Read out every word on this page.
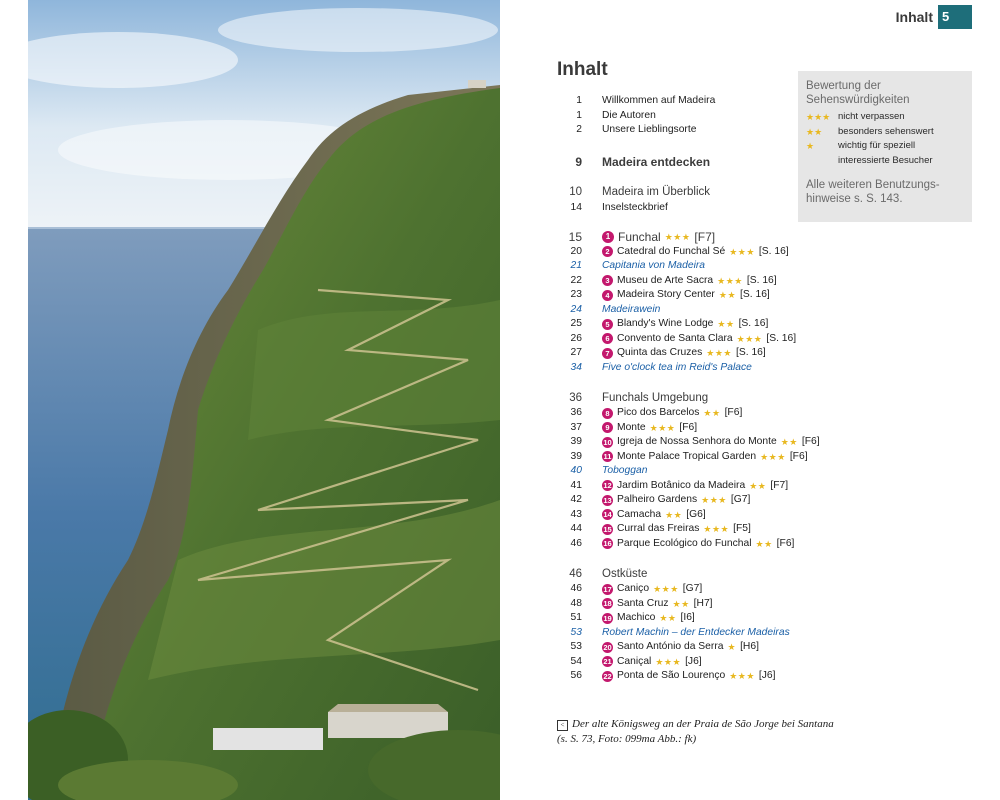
Inhalt 5
Inhalt
1 Willkommen auf Madeira
1 Die Autoren
2 Unsere Lieblingsorte
9 Madeira entdecken
10 Madeira im Überblick
14 Inselsteckbrief
15	1 Funchal ★★★ [F7]
20	2 Catedral do Funchal Sé ★★★ [S. 16]
21 Capitania von Madeira
22	3 Museu de Arte Sacra ★★★ [S. 16]
23	4 Madeira Story Center ★★ [S. 16]
24 Madeirawein
25	5 Blandy's Wine Lodge ★★ [S. 16]
26	6 Convento de Santa Clara ★★★ [S. 16]
27	7 Quinta das Cruzes ★★★ [S. 16]
34 Five o'clock tea im Reid's Palace
36 Funchals Umgebung
36	8 Pico dos Barcelos ★★ [F6]
37	9 Monte ★★★ [F6]
39	10 Igreja de Nossa Senhora do Monte ★★ [F6]
39	11 Monte Palace Tropical Garden ★★★ [F6]
40 Toboggan
41	12 Jardim Botânico da Madeira ★★ [F7]
42	13 Palheiro Gardens ★★★ [G7]
43	14 Camacha ★★ [G6]
44	15 Curral das Freiras ★★★ [F5]
46	16 Parque Ecológico do Funchal ★★ [F6]
46 Ostküste
46	17 Caniço ★★★ [G7]
48	18 Santa Cruz ★★ [H7]
51	19 Machico ★★ [I6]
53 Robert Machin – der Entdecker Madeiras
53	20 Santo António da Serra ★ [H6]
54	21 Caniçal ★★★ [J6]
56	22 Ponta de São Lourenço ★★★ [J6]
Bewertung der
Sehenswürdigkeiten
★★★ nicht verpassen
★★	besonders sehenswert
★	wichtig für speziell
interessierte Besucher
Alle weiteren Benutzungs-
hinweise s. S. 143.
< Der alte Königsweg an der Praia de São Jorge bei Santana
(s. S. 73, Foto: 099ma Abb.: fk)
